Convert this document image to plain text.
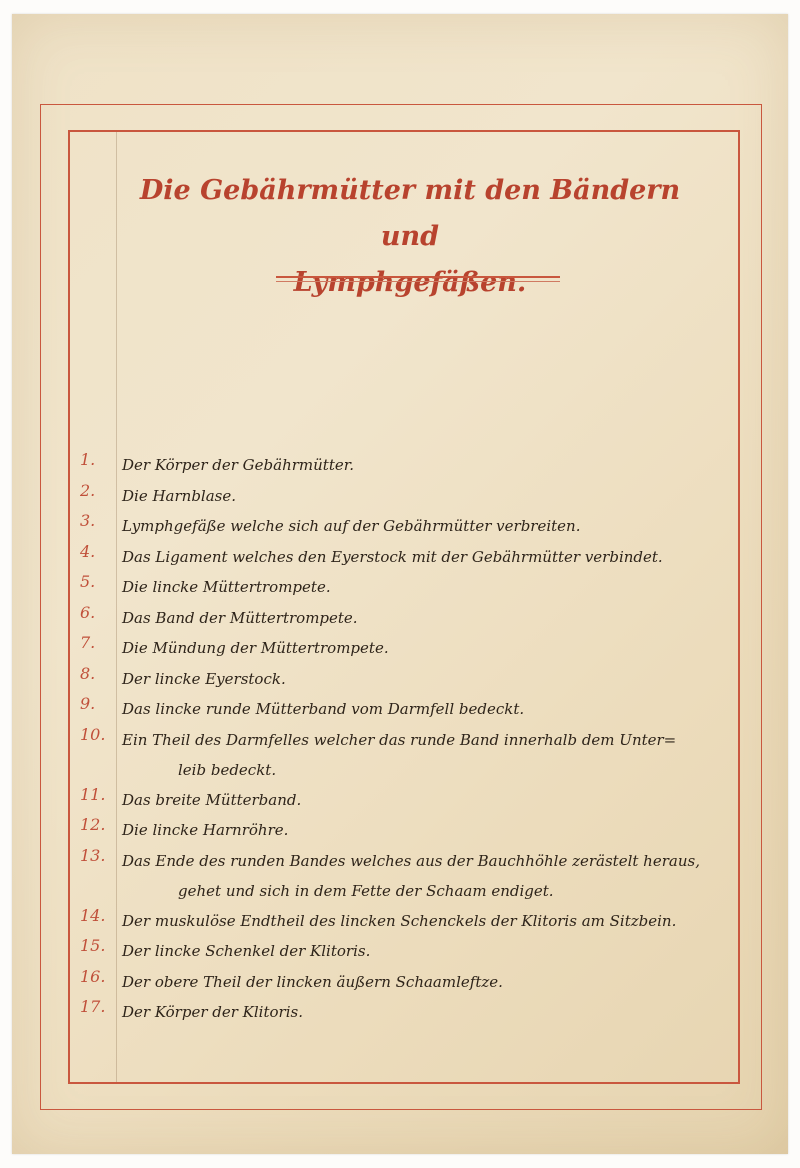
Die Gebährmütter mit den Bändern und
Lymphgefäßen.
1.	Der Körper der Gebährmütter.

2.	Die Harnblase.

3.	Lymphgefäße welche sich auf der Gebährmütter verbreiten.

4.	Das Ligament welches den Eyerstock mit der Gebährmütter verbindet.

5.	Die lincke Müttertrompete.

6.	Das Band der Müttertrompete.

7.	Die Mündung der Müttertrompete.

8.	Der lincke Eyerstock.

9.	Das lincke runde Mütterband vom Darmfell bedeckt.

10.	Ein Theil des Darmfelles welcher das runde Band innerhalb dem Unter=
leib bedeckt.

11.	Das breite Mütterband.

12.	Die lincke Harnröhre.

13.	Das Ende des runden Bandes welches aus der Bauchhöhle zerästelt heraus,
gehet und sich in dem Fette der Schaam endiget.

14.	Der muskulöse Endtheil des lincken Schenckels der Klitoris am Sitzbein.

15.	Der lincke Schenkel der Klitoris.

16.	Der obere Theil der lincken äußern Schaamleftze.

17.	Der Körper der Klitoris.
